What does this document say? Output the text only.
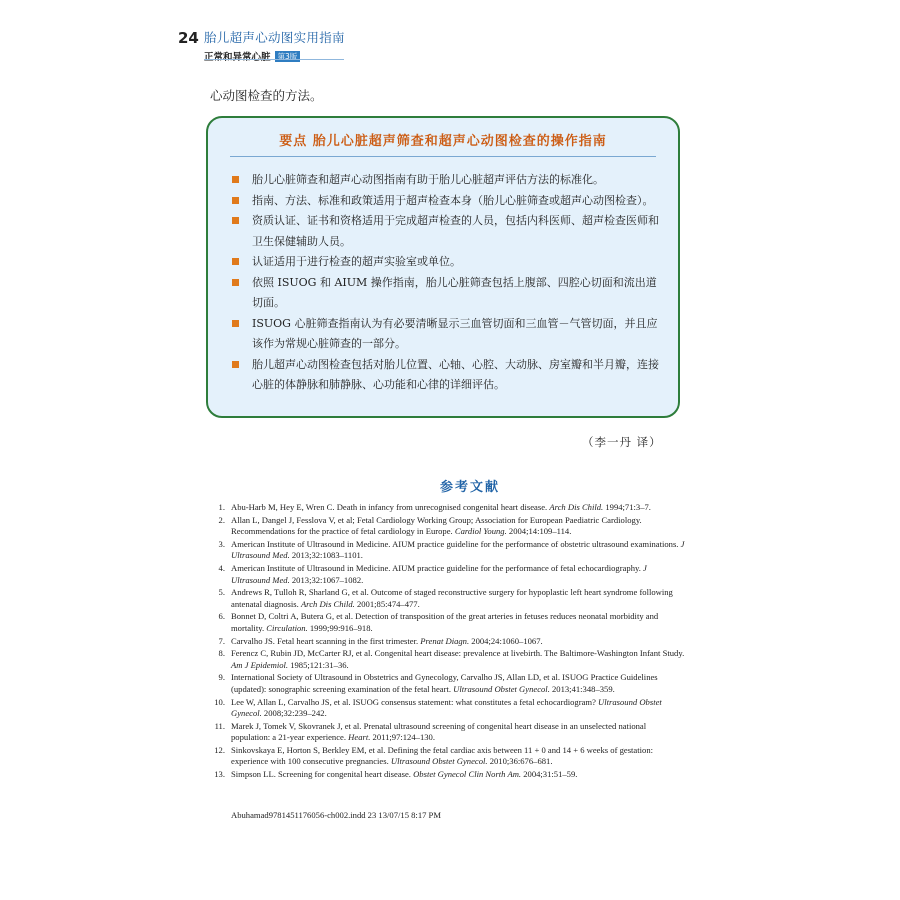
24 胎儿超声心动图实用指南
正常和异常心脏 第3版
心动图检查的方法。
要点 胎儿心脏超声筛查和超声心动图检查的操作指南
胎儿心脏筛查和超声心动图指南有助于胎儿心脏超声评估方法的标准化。
指南、方法、标准和政策适用于超声检查本身（胎儿心脏筛查或超声心动图检查）。
资质认证、证书和资格适用于完成超声检查的人员，包括内科医师、超声检查医师和卫生保健辅助人员。
认证适用于进行检查的超声实验室或单位。
依照 ISUOG 和 AIUM 操作指南，胎儿心脏筛查包括上腹部、四腔心切面和流出道切面。
ISUOG 心脏筛查指南认为有必要清晰显示三血管切面和三血管－气管切面，并且应该作为常规心脏筛查的一部分。
胎儿超声心动图检查包括对胎儿位置、心轴、心腔、大动脉、房室瓣和半月瓣，连接心脏的体静脉和肺静脉、心功能和心律的详细评估。
（李一丹 译）
参考文献
1. Abu-Harb M, Hey E, Wren C. Death in infancy from unrecognised congenital heart disease. Arch Dis Child. 1994;71:3–7.
2. Allan L, Dangel J, Fesslova V, et al; Fetal Cardiology Working Group; Association for European Paediatric Cardiology. Recommendations for the practice of fetal cardiology in Europe. Cardiol Young. 2004;14:109–114.
3. American Institute of Ultrasound in Medicine. AIUM practice guideline for the performance of obstetric ultrasound examinations. J Ultrasound Med. 2013;32:1083–1101.
4. American Institute of Ultrasound in Medicine. AIUM practice guideline for the performance of fetal echocardiography. J Ultrasound Med. 2013;32:1067–1082.
5. Andrews R, Tulloh R, Sharland G, et al. Outcome of staged reconstructive surgery for hypoplastic left heart syndrome following antenatal diagnosis. Arch Dis Child. 2001;85:474–477.
6. Bonnet D, Coltri A, Butera G, et al. Detection of transposition of the great arteries in fetuses reduces neonatal morbidity and mortality. Circulation. 1999;99:916–918.
7. Carvalho JS. Fetal heart scanning in the first trimester. Prenat Diagn. 2004;24:1060–1067.
8. Ferencz C, Rubin JD, McCarter RJ, et al. Congenital heart disease: prevalence at livebirth. The Baltimore-Washington Infant Study. Am J Epidemiol. 1985;121:31–36.
9. International Society of Ultrasound in Obstetrics and Gynecology, Carvalho JS, Allan LD, et al. ISUOG Practice Guidelines (updated): sonographic screening examination of the fetal heart. Ultrasound Obstet Gynecol. 2013;41:348–359.
10. Lee W, Allan L, Carvalho JS, et al. ISUOG consensus statement: what constitutes a fetal echocardiogram? Ultrasound Obstet Gynecol. 2008;32:239–242.
11. Marek J, Tomek V, Skovranek J, et al. Prenatal ultrasound screening of congenital heart disease in an unselected national population: a 21-year experience. Heart. 2011;97:124–130.
12. Sinkovskaya E, Horton S, Berkley EM, et al. Defining the fetal cardiac axis between 11 + 0 and 14 + 6 weeks of gestation: experience with 100 consecutive pregnancies. Ultrasound Obstet Gynecol. 2010;36:676–681.
13. Simpson LL. Screening for congenital heart disease. Obstet Gynecol Clin North Am. 2004;31:51–59.
Abuhamad9781451176056-ch002.indd 23 13/07/15 8:17 PM
